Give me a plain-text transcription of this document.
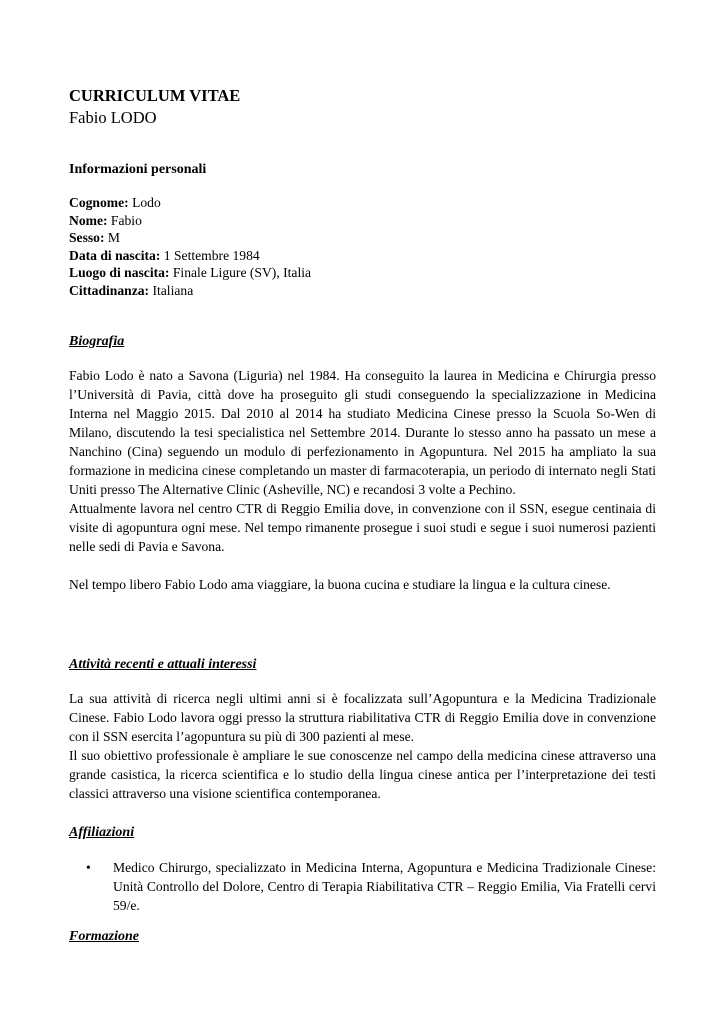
CURRICULUM VITAE
Fabio LODO
Informazioni personali
Cognome: Lodo
Nome: Fabio
Sesso: M
Data di nascita: 1 Settembre 1984
Luogo di nascita: Finale Ligure (SV), Italia
Cittadinanza: Italiana
Biografia

Fabio Lodo è nato a Savona (Liguria) nel 1984. Ha conseguito la laurea in Medicina e Chirurgia presso l’Università di Pavia, città dove ha proseguito gli studi conseguendo la specializzazione in Medicina Interna nel Maggio 2015. Dal 2010 al 2014 ha studiato Medicina Cinese presso la Scuola So-Wen di Milano, discutendo la tesi specialistica nel Settembre 2014. Durante lo stesso anno ha passato un mese a Nanchino (Cina) seguendo un modulo di perfezionamento in Agopuntura. Nel 2015 ha ampliato la sua formazione in medicina cinese completando un master di farmacoterapia, un periodo di internato negli Stati Uniti presso The Alternative Clinic (Asheville, NC) e recandosi 3 volte a Pechino.

Attualmente lavora nel centro CTR di Reggio Emilia dove, in convenzione con il SSN, esegue centinaia di visite di agopuntura ogni mese. Nel tempo rimanente prosegue i suoi studi e segue i suoi numerosi pazienti nelle sedi di Pavia e Savona.

Nel tempo libero Fabio Lodo ama viaggiare, la buona cucina e studiare la lingua e la cultura cinese.

Attività recenti e attuali interessi

La sua attività di ricerca negli ultimi anni si è focalizzata sull’Agopuntura e la Medicina Tradizionale Cinese. Fabio Lodo lavora oggi presso la struttura riabilitativa CTR di Reggio Emilia dove in convenzione con il SSN esercita l’agopuntura su più di 300 pazienti al mese.

Il suo obiettivo professionale è ampliare le sue conoscenze nel campo della medicina cinese attraverso una grande casistica, la ricerca scientifica e lo studio della lingua cinese antica per l’interpretazione dei testi classici attraverso una visione scientifica contemporanea.

Affiliazioni
• Medico Chirurgo, specializzato in Medicina Interna, Agopuntura e Medicina Tradizionale Cinese: Unità Controllo del Dolore, Centro di Terapia Riabilitativa CTR – Reggio Emilia, Via Fratelli cervi 59/e.
Formazione
